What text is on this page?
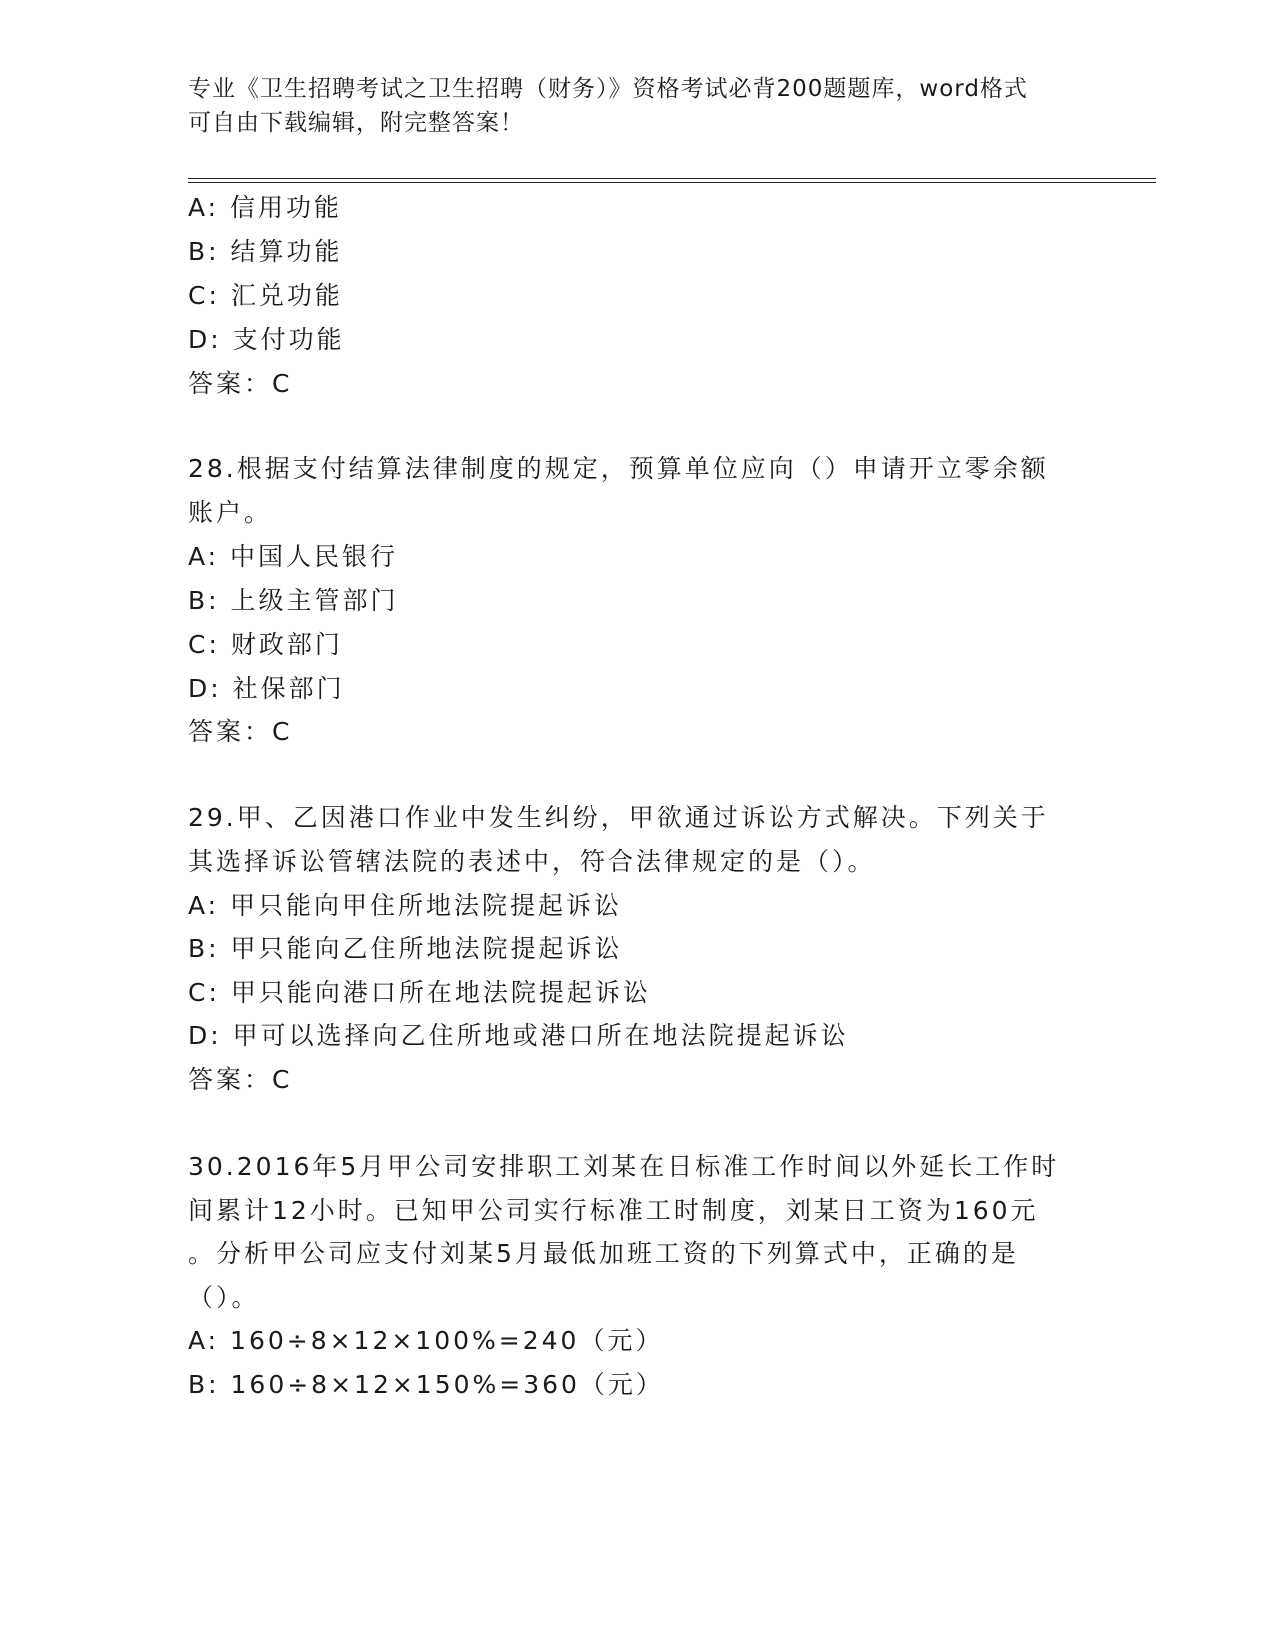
专业《卫生招聘考试之卫生招聘（财务）》资格考试必背200题题库，word格式
可自由下载编辑，附完整答案！
A: 信用功能
B: 结算功能
C: 汇兑功能
D: 支付功能
答案：C
28.根据支付结算法律制度的规定，预算单位应向（）申请开立零余额
账户。
A: 中国人民银行
B: 上级主管部门
C: 财政部门
D: 社保部门
答案：C
29.甲、乙因港口作业中发生纠纷，甲欲通过诉讼方式解决。下列关于
其选择诉讼管辖法院的表述中，符合法律规定的是（）。
A: 甲只能向甲住所地法院提起诉讼
B: 甲只能向乙住所地法院提起诉讼
C: 甲只能向港口所在地法院提起诉讼
D: 甲可以选择向乙住所地或港口所在地法院提起诉讼
答案：C
30.2016年5月甲公司安排职工刘某在日标准工作时间以外延长工作时
间累计12小时。已知甲公司实行标准工时制度，刘某日工资为160元
。分析甲公司应支付刘某5月最低加班工资的下列算式中，正确的是
（）。
A: 160÷8×12×100%=240（元）
B: 160÷8×12×150%=360（元）
